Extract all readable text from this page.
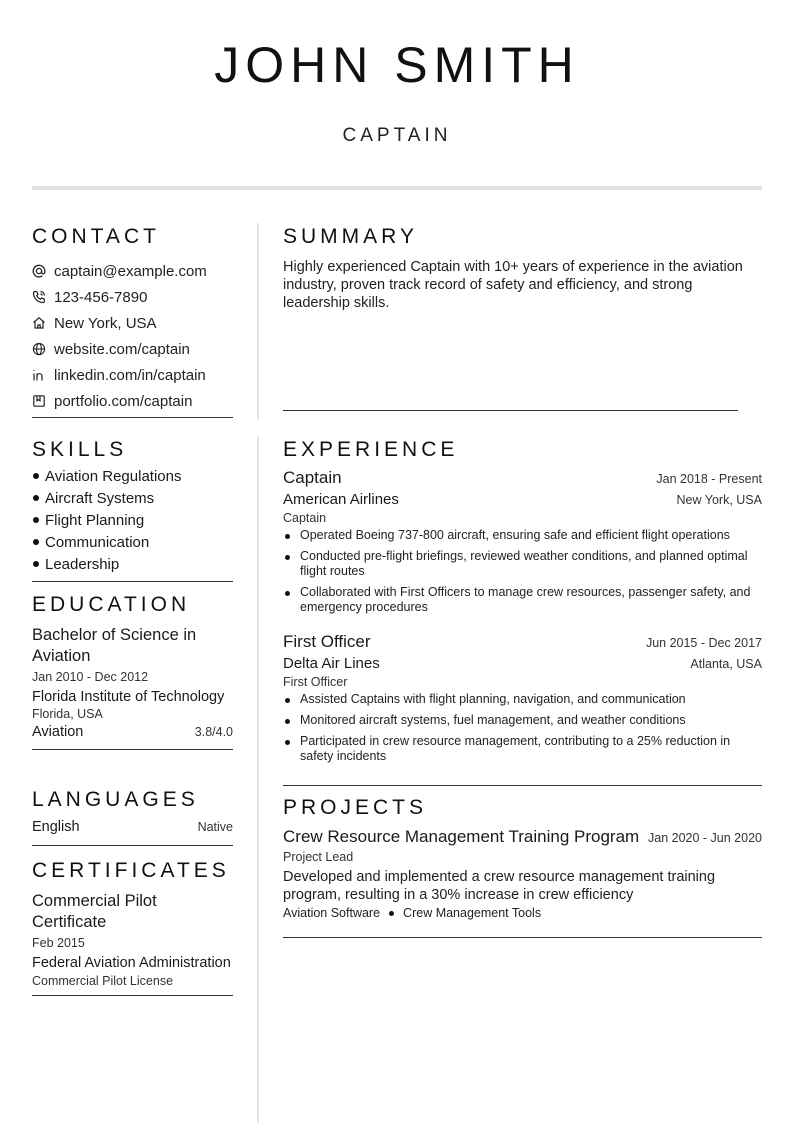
JOHN SMITH
CAPTAIN
CONTACT
captain@example.com
123-456-7890
New York, USA
website.com/captain
linkedin.com/in/captain
portfolio.com/captain
SKILLS
Aviation Regulations
Aircraft Systems
Flight Planning
Communication
Leadership
EDUCATION
Bachelor of Science in Aviation
Jan 2010 - Dec 2012
Florida Institute of Technology
Florida, USA
Aviation	3.8/4.0
LANGUAGES
English	Native
CERTIFICATES
Commercial Pilot Certificate
Feb 2015
Federal Aviation Administration
Commercial Pilot License
SUMMARY
Highly experienced Captain with 10+ years of experience in the aviation industry, proven track record of safety and efficiency, and strong leadership skills.
EXPERIENCE
Captain	Jan 2018 - Present
American Airlines	New York, USA
Captain
Operated Boeing 737-800 aircraft, ensuring safe and efficient flight operations
Conducted pre-flight briefings, reviewed weather conditions, and planned optimal flight routes
Collaborated with First Officers to manage crew resources, passenger safety, and emergency procedures
First Officer	Jun 2015 - Dec 2017
Delta Air Lines	Atlanta, USA
First Officer
Assisted Captains with flight planning, navigation, and communication
Monitored aircraft systems, fuel management, and weather conditions
Participated in crew resource management, contributing to a 25% reduction in safety incidents
PROJECTS
Crew Resource Management Training Program Jan 2020 - Jun 2020
Project Lead
Developed and implemented a crew resource management training program, resulting in a 30% increase in crew efficiency
Aviation Software Crew Management Tools
